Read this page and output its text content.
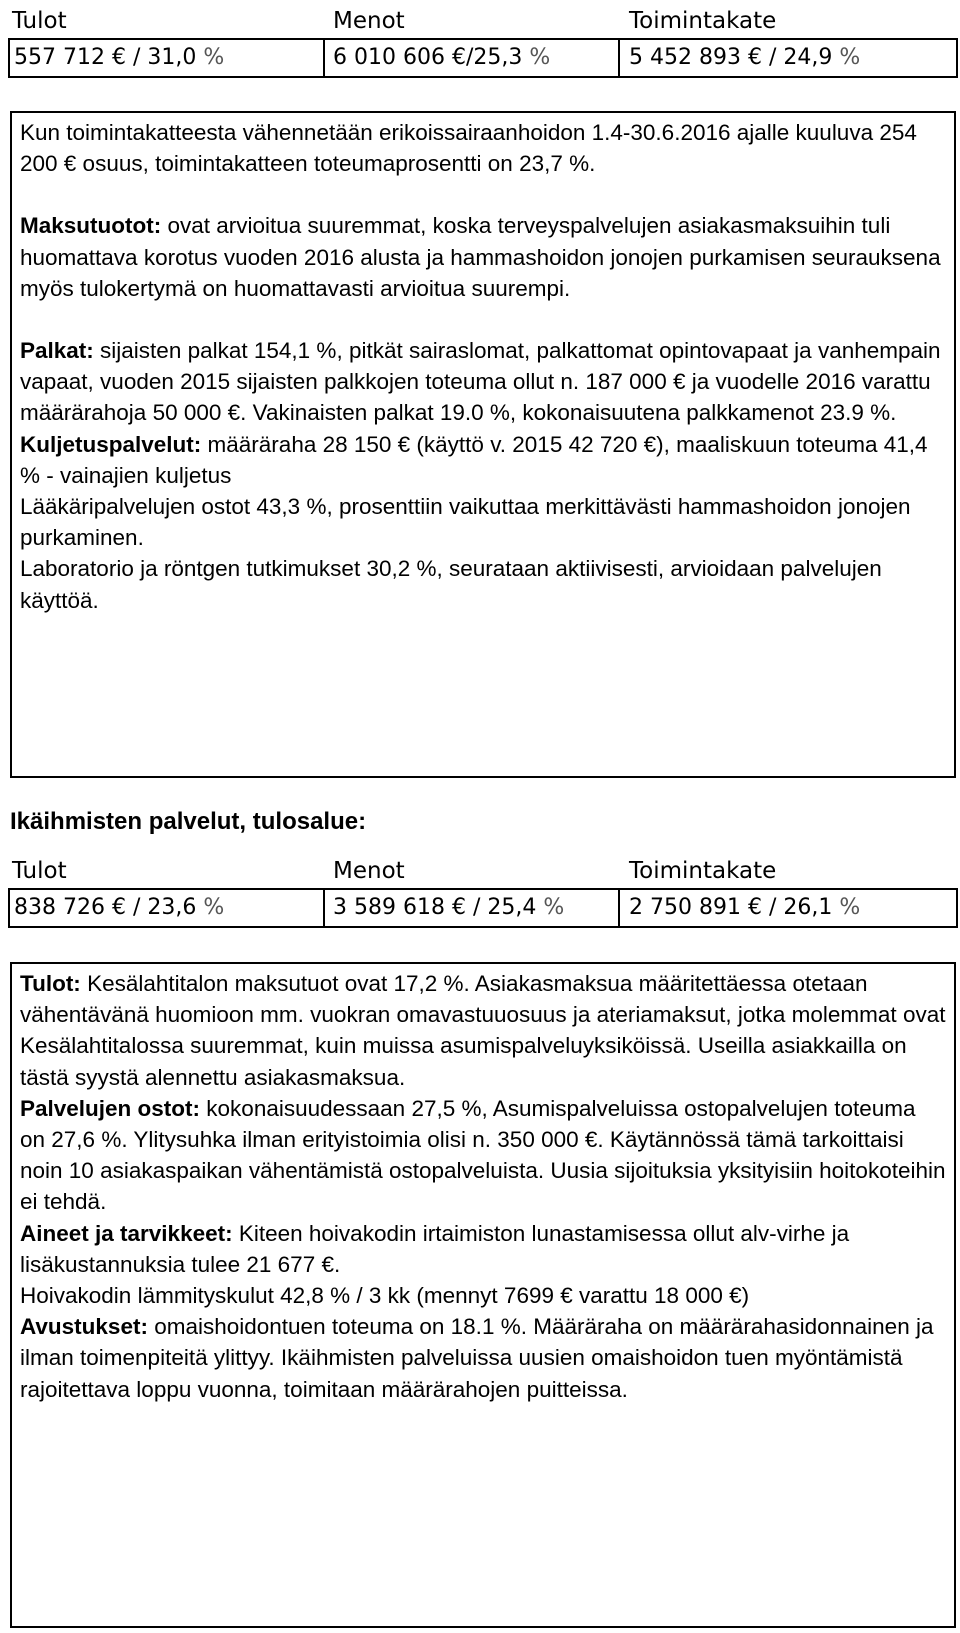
Tulot	Menot	Toimintakate
557 712 € / 31,0 %	6 010 606 €/25,3 %	5 452 893 € / 24,9 %

Kun toimintakatteesta vähennetään erikoissairaanhoidon 1.4-30.6.2016 ajalle kuuluva 254 200 € osuus, toimintakatteen toteumaprosentti on 23,7 %.

Maksutuotot: ovat arvioitua suuremmat, koska terveyspalvelujen asiakasmaksuihin tuli huomattava korotus vuoden 2016 alusta ja hammashoidon jonojen purkamisen seurauksena myös tulokertymä on huomattavasti arvioitua suurempi.

Palkat: sijaisten palkat 154,1 %, pitkät sairaslomat, palkattomat opintovapaat ja vanhempain vapaat, vuoden 2015 sijaisten palkkojen toteuma ollut n. 187 000 € ja vuodelle 2016 varattu määrärahoja 50 000 €. Vakinaisten palkat 19.0 %, kokonaisuutena palkkamenot 23.9 %.

Kuljetuspalvelut: määräraha 28 150 € (käyttö v. 2015 42 720 €), maaliskuun toteuma 41,4 % - vainajien kuljetus

Lääkäripalvelujen ostot 43,3 %, prosenttiin vaikuttaa merkittävästi hammashoidon jonojen purkaminen.

Laboratorio ja röntgen tutkimukset 30,2 %, seurataan aktiivisesti, arvioidaan palvelujen käyttöä.

Ikäihmisten palvelut, tulosalue:
Tulot	Menot	Toimintakate
838 726 € / 23,6 %	3 589 618 € / 25,4 %	2 750 891 € / 26,1 %

Tulot: Kesälahtitalon maksutuot ovat 17,2 %. Asiakasmaksua määritettäessa otetaan vähentävänä huomioon mm. vuokran omavastuuosuus ja ateriamaksut, jotka molemmat ovat Kesälahtitalossa suuremmat, kuin muissa asumispalveluyksiköissä. Useilla asiakkailla on tästä syystä alennettu asiakasmaksua.

Palvelujen ostot: kokonaisuudessaan 27,5 %, Asumispalveluissa ostopalvelujen toteuma on 27,6 %. Ylitysuhka ilman erityistoimia olisi n. 350 000 €. Käytännössä tämä tarkoittaisi noin 10 asiakaspaikan vähentämistä ostopalveluista. Uusia sijoituksia yksityisiin hoitokoteihin ei tehdä.

Aineet ja tarvikkeet: Kiteen hoivakodin irtaimiston lunastamisessa ollut alv-virhe ja lisäkustannuksia tulee 21 677 €.

Hoivakodin lämmityskulut 42,8 % / 3 kk (mennyt 7699 € varattu 18 000 €)

Avustukset: omaishoidontuen toteuma on 18.1 %. Määräraha on määrärahasidonnainen ja ilman toimenpiteitä ylittyy. Ikäihmisten palveluissa uusien omaishoidon tuen myöntämistä rajoitettava loppu vuonna, toimitaan määrärahojen puitteissa.
